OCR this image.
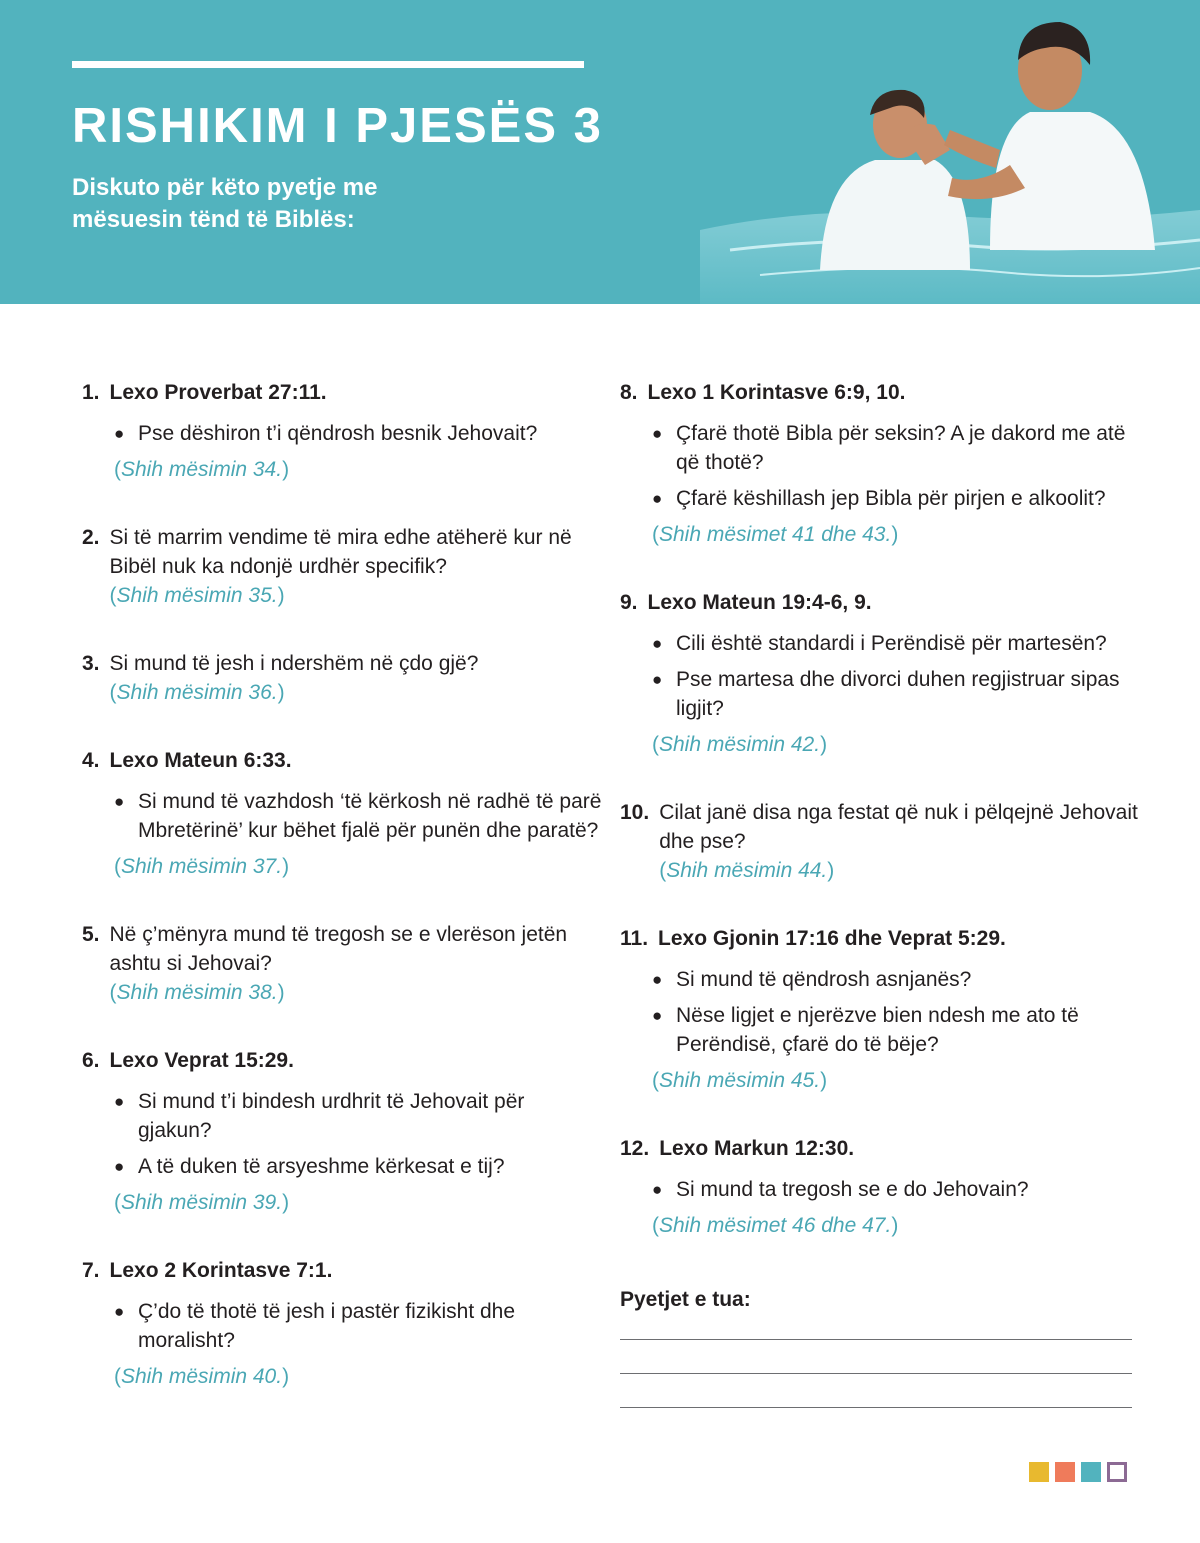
RISHIKIM I PJESËS 3

Diskuto për këto pyetje me mësuesin tënd të Biblës:

1. Lexo Proverbat 27:11.
● Pse dëshiron t’i qëndrosh besnik Jehovait?
(Shih mësimin 34.)
2. Si të marrim vendime të mira edhe atëherë kur në Bibël nuk ka ndonjë urdhër specifik?
(Shih mësimin 35.)
3. Si mund të jesh i ndershëm në çdo gjë?
(Shih mësimin 36.)
4. Lexo Mateun 6:33.
● Si mund të vazhdosh ‘të kërkosh në radhë të parë Mbretërinë’ kur bëhet fjalë për punën dhe paratë?
(Shih mësimin 37.)
5. Në ç’mënyra mund të tregosh se e vlerëson jetën ashtu si Jehovai?
(Shih mësimin 38.)
6. Lexo Veprat 15:29.
● Si mund t’i bindesh urdhrit të Jehovait për gjakun?
● A të duken të arsyeshme kërkesat e tij?
(Shih mësimin 39.)
7. Lexo 2 Korintasve 7:1.
● Ç’do të thotë të jesh i pastër fizikisht dhe moralisht?
(Shih mësimin 40.)
8. Lexo 1 Korintasve 6:9, 10.
● Çfarë thotë Bibla për seksin? A je dakord me atë që thotë?
● Çfarë këshillash jep Bibla për pirjen e alkoolit?
(Shih mësimet 41 dhe 43.)
9. Lexo Mateun 19:4-6, 9.
● Cili është standardi i Perëndisë për martesën?
● Pse martesa dhe divorci duhen regjistruar sipas ligjit?
(Shih mësimin 42.)
10. Cilat janë disa nga festat që nuk i pëlqejnë Jehovait dhe pse?
(Shih mësimin 44.)
11. Lexo Gjonin 17:16 dhe Veprat 5:29.
● Si mund të qëndrosh asnjanës?
● Nëse ligjet e njerëzve bien ndesh me ato të Perëndisë, çfarë do të bëje?
(Shih mësimin 45.)
12. Lexo Markun 12:30.
● Si mund ta tregosh se e do Jehovain?
(Shih mësimet 46 dhe 47.)
Pyetjet e tua:
